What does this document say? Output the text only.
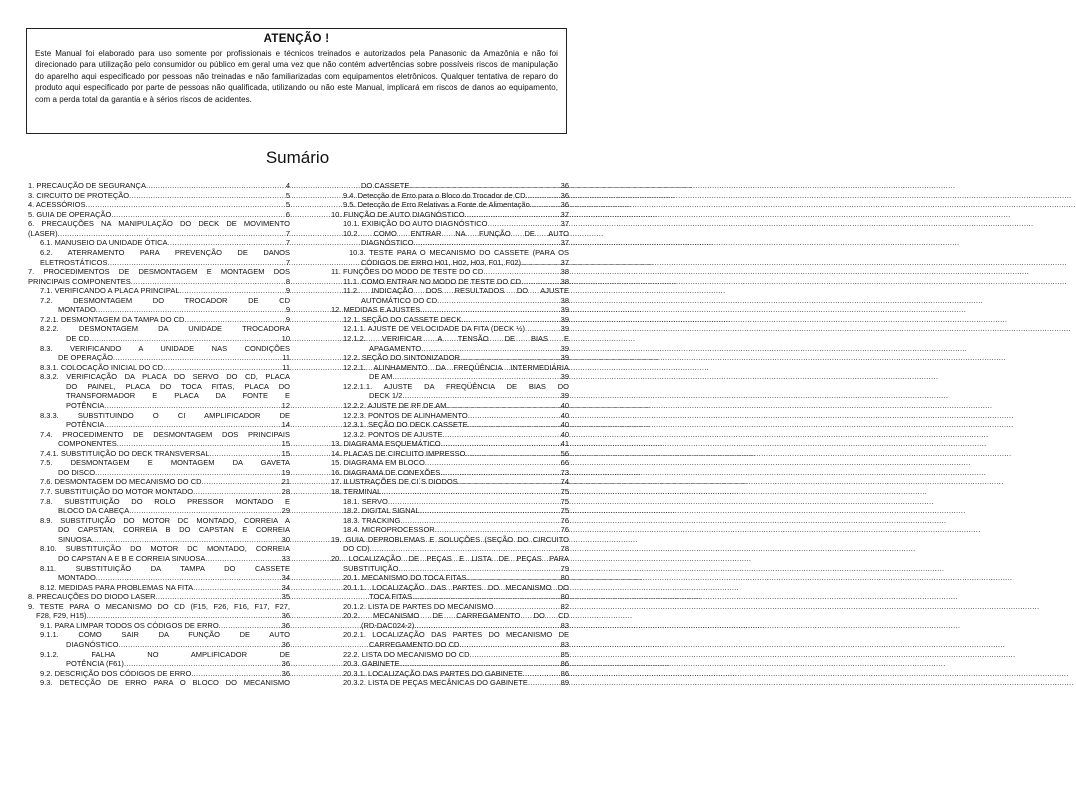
ATENÇÃO !
Este Manual foi elaborado para uso somente por profissionais e técnicos treinados e autorizados pela Panasonic da Amazônia e não foi direcionado para utilização pelo consumidor ou público em geral uma vez que não contém advertências sobre possíveis riscos de manipulação do aparelho aqui especificado por pessoas não treinadas e não familiarizadas com equipamentos eletrônicos. Qualquer tentativa de reparo do produto aqui especificado por parte de pessoas não qualificada, utilizando ou não este Manual, implicará em riscos de danos ao equipamento, com a perda total da garantia e à sérios riscos de acidentes.
Sumário
1. PRECAUÇÃO DE SEGURANÇA .....	4
3. CIRCUITO DE PROTEÇÃO .....	5
4. ACESSÓRIOS .....	5
5. GUIA DE OPERAÇÃO .....	6
6. PRECAUÇÕES NA MANIPULAÇÃO DO DECK DE MOVIMENTO
(LASER) .....	7
6.1. MANUSEIO DA UNIDADE ÓTICA .....	7
6.2. ATERRAMENTO PARA PREVENÇÃO DE DANOS
ELETROSTÁTICOS .....	7
7. PROCEDIMENTOS DE DESMONTAGEM E MONTAGEM DOS
PRINCIPAIS COMPONENTES .....	8
7.1. VERIFICANDO A PLACA PRINCIPAL .....	9
7.2. DESMONTAGEM DO TROCADOR DE CD
MONTADO .....	9
7.2.1. DESMONTAGEM DA TAMPA DO CD .....	9
8.2.2. DESMONTAGEM DA UNIDADE TROCADORA
DE CD .....	10
8.3. VERIFICANDO A UNIDADE NAS CONDIÇÕES
DE OPERAÇÃO .....	11
8.3.1. COLOCAÇÃO INICIAL DO CD .....	11
8.3.2. VERIFICAÇÃO DA PLACA DO SERVO DO CD, PLACA
DO PAINEL, PLACA DO TOCA FITAS, PLACA DO
TRANSFORMADOR E PLACA DA FONTE E
POTÊNCIA .....	12
8.3.3. SUBSTITUINDO O CI AMPLIFICADOR DE
POTÊNCIA .....	14
7.4. PROCEDIMENTO DE DESMONTAGEM DOS PRINCIPAIS
COMPONENTES .....	15
7.4.1. SUBSTITUIÇÃO DO DECK TRANSVERSAL .....	15
7.5. DESMONTAGEM E MONTAGEM DA GAVETA
DO DISCO .....	19
7.6. DESMONTAGEM DO MECANISMO DO CD .....	21
7.7. SUBSTITUIÇÃO DO MOTOR MONTADO .....	28
7.8. SUBSTITUIÇÃO DO ROLO PRESSOR MONTADO E
BLOCO DA CABEÇA .....	29
8.9. SUBSTITUIÇÃO DO MOTOR DC MONTADO, CORREIA A
DO CAPSTAN, CORREIA B DO CAPSTAN E CORREIA
SINUOSA .....	30
8.10. SUBSTITUIÇÃO DO MOTOR DC MONTADO, CORREIA
DO CAPSTAN A E B E CORREIA SINUOSA .....	33
8.11. SUBSTITUIÇÃO DA TAMPA DO CASSETE
MONTADO .....	34
8.12. MEDIDAS PARA PROBLEMAS NA FITA .....	34
8. PRECAUÇÕES DO DIODO LASER .....	35
9. TESTE PARA O MECANISMO DO CD (F15, F26, F16, F17, F27,
F28, F29, H15) .....	36
9.1. PARA LIMPAR TODOS OS CÓDIGOS DE ERRO .....	36
9.1.1. COMO SAIR DA FUNÇÃO DE AUTO
DIAGNÓSTICO .....	36
9.1.2. FALHA NO AMPLIFICADOR DE
POTÊNCIA (F61) .....	36
9.2. DESCRIÇÃO DOS CÓDIGOS DE ERRO .....	36
9.3. DETECÇÃO DE ERRO PARA O BLOCO DO MECANISMO
DO CASSETE .....	36
9.4. Detecção de Erro para o Bloco do Trocador de CD .....	36
9.5. Detecção de Erro Relativas a Fonte de Alimentação .....	36
10. FUNÇÃO DE AUTO DIAGNÓSTICO .....	37
10.1. EXIBIÇÃO DO AUTO DIAGNÓSTICO .....	37
10.2. COMO ENTRAR NA FUNÇÃO DE AUTO
DIAGNÓSTICO .....	37
10.3. TESTE PARA O MECANISMO DO CASSETE (PARA OS
CÓDIGOS DE ERRO H01, H02, H03, F01, F02) .....	37
11. FUNÇÕES DO MODO DE TESTE DO CD .....	38
11.1. COMO ENTRAR NO MODO DE TESTE DO CD .....	38
11.2. INDICAÇÃO DOS RESULTADOS DO AJUSTE
AUTOMÁTICO DO CD .....	38
12. MEDIDAS E AJUSTES .....	39
12.1. SEÇÃO DO CASSETE DECK .....	39
12.1.1. AJUSTE DE VELOCIDADE DA FITA (DECK ½) .....	39
12.1.2. VERIFICAR A TENSÃO DE BIAS E
APAGAMENTO .....	39
12.2. SEÇÃO DO SINTONIZADOR .....	39
12.2.1. ALINHAMENTO DA FREQÜÊNCIA INTERMEDIÁRIA
DE AM .....	39
12.2.1.1. AJUSTE DA FREQÜÊNCIA DE BIAS DO
DECK 1/2 .....	39
12.2.2. AJUSTE DE RF DE AM .....	40
12.2.3. PONTOS DE ALINHAMENTO .....	40
12.3.1. SEÇÃO DO DECK CASSETE .....	40
12.3.2. PONTOS DE AJUSTE .....	40
13. DIAGRAMA ESQUEMÁTICO .....	41
14. PLACAS DE CIRCUITO IMPRESSO .....	56
15. DIAGRAMA EM BLOCO .....	66
16. DIAGRAMA DE CONEXÕES .....	73
17. ILUSTRAÇÕES DE CI´S DIODOS .....	74
18. TERMINAL .....	75
18.1. SERVO .....	75
18.2. DIGITAL SIGNAL .....	75
18.3. TRACKING .....	76
18.4. MICROPROCESSOR .....	76
19. GUIA DEPROBLEMAS E SOLUÇÕES (SEÇÃO DO CIRCUITO
DO CD) .....	78
20. LOCALIZAÇÃO DE PEÇAS E LISTA DE PEÇAS PARA
SUBSTITUIÇÃO .....	79
20.1. MECANISMO DO TOCA FITAS .....	80
20.1.1. LOCALIZAÇÃO DAS PARTES DO MECANISMO DO
TOCA FITAS .....	80
20.1.2. LISTA DE PARTES DO MECANISMO .....	82
20.2. MECANISMO DE CARREGAMENTO DO CD
(RD-DAC024-2) .....	83
20.2.1. LOCALIZAÇÃO DAS PARTES DO MECANISMO DE
CARREGAMENTO DO CD .....	83
22.2. LISTA DO MECANISMO DO CD .....	85
20.3. GABINETE .....	86
20.3.1. LOCALIZAÇÃO DAS PARTES DO GABINETE .....	86
20.3.2. LISTA DE PEÇAS MECÂNICAS DO GABINETE .....	89
